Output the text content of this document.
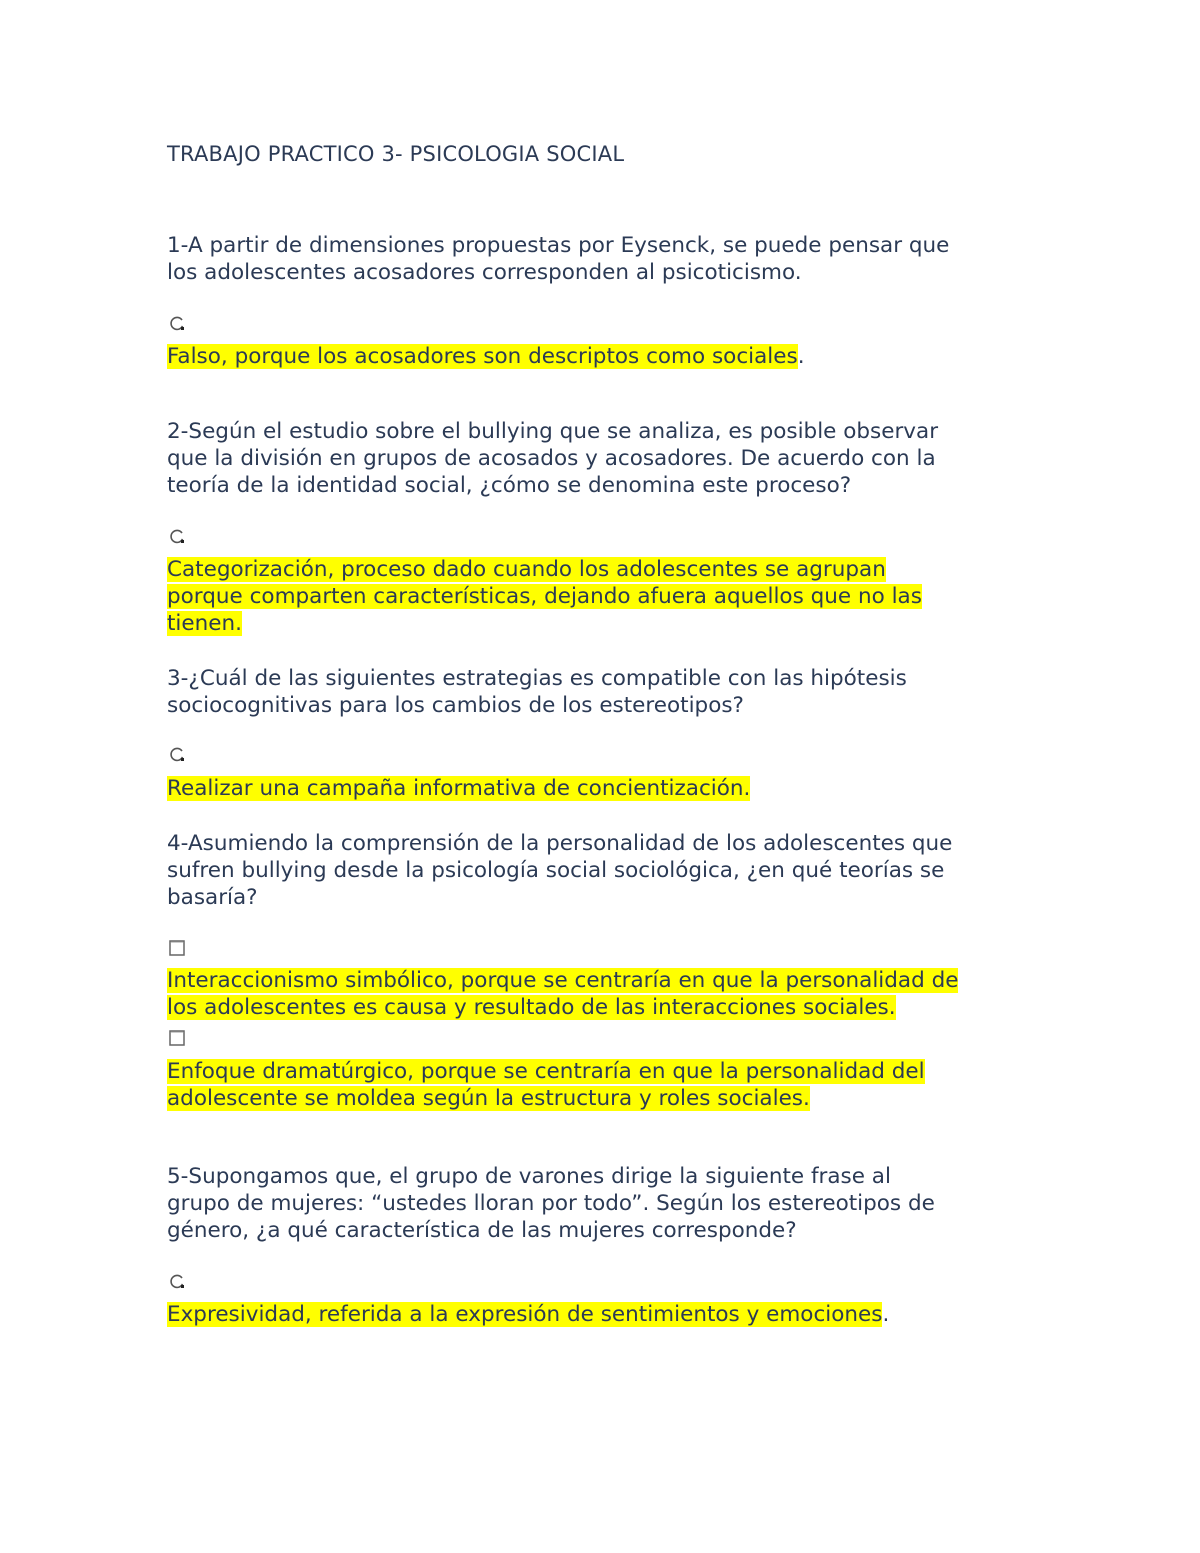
TRABAJO PRACTICO 3- PSICOLOGIA SOCIAL
1-A partir de dimensiones propuestas por Eysenck, se puede pensar que
los adolescentes acosadores corresponden al psicoticismo.
Falso, porque los acosadores son descriptos como sociales.
2-Según el estudio sobre el bullying que se analiza, es posible observar
que la división en grupos de acosados y acosadores. De acuerdo con la
teoría de la identidad social, ¿cómo se denomina este proceso?
Categorización, proceso dado cuando los adolescentes se agrupan
porque comparten características, dejando afuera aquellos que no las
tienen.
3-¿Cuál de las siguientes estrategias es compatible con las hipótesis
sociocognitivas para los cambios de los estereotipos?
Realizar una campaña informativa de concientización.
4-Asumiendo la comprensión de la personalidad de los adolescentes que
sufren bullying desde la psicología social sociológica, ¿en qué teorías se
basaría?
Interaccionismo simbólico, porque se centraría en que la personalidad de
los adolescentes es causa y resultado de las interacciones sociales.
Enfoque dramatúrgico, porque se centraría en que la personalidad del
adolescente se moldea según la estructura y roles sociales.
5-Supongamos que, el grupo de varones dirige la siguiente frase al
grupo de mujeres: “ustedes lloran por todo”. Según los estereotipos de
género, ¿a qué característica de las mujeres corresponde?
Expresividad, referida a la expresión de sentimientos y emociones.
